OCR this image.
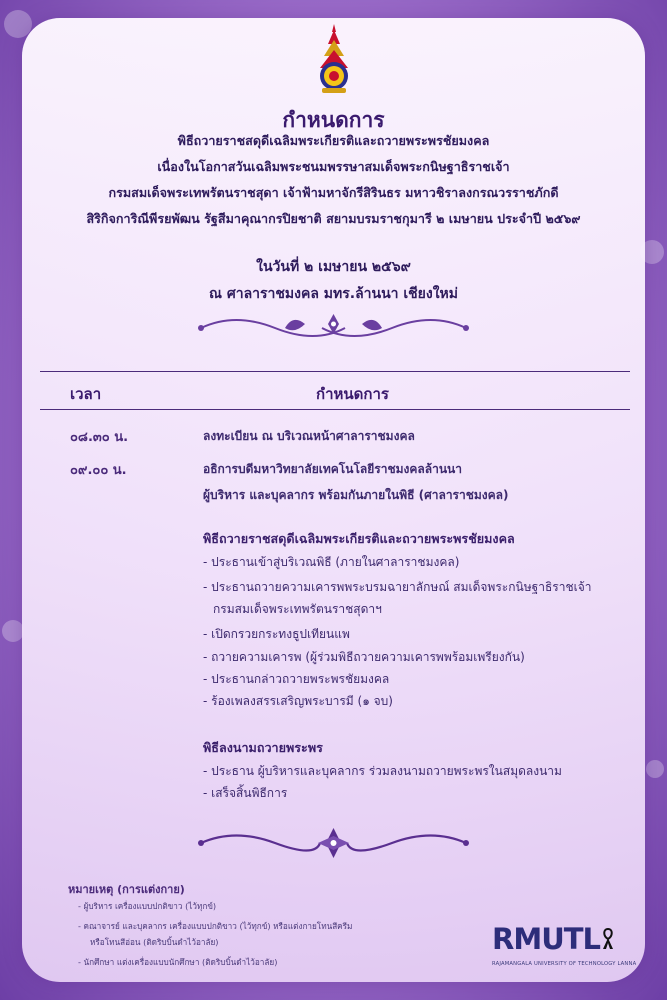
กำหนดการ
พิธีถวายราชสดุดีเฉลิมพระเกียรติและถวายพระพรชัยมงคล
เนื่องในโอกาสวันเฉลิมพระชนมพรรษาสมเด็จพระกนิษฐาธิราชเจ้า
กรมสมเด็จพระเทพรัตนราชสุดา เจ้าฟ้ามหาจักรีสิรินธร มหาวชิราลงกรณวรราชภักดี
สิริกิจการิณีพีรยพัฒน รัฐสีมาคุณากรปิยชาติ สยามบรมราชกุมารี ๒ เมษายน ประจำปี ๒๕๖๙
ในวันที่ ๒ เมษายน ๒๕๖๙
ณ ศาลาราชมงคล มทร.ล้านนา เชียงใหม่
เวลา	กำหนดการ
๐๘.๓๐ น.	ลงทะเบียน ณ บริเวณหน้าศาลาราชมงคล
๐๙.๐๐ น.	อธิการบดีมหาวิทยาลัยเทคโนโลยีราชมงคลล้านนา
ผู้บริหาร และบุคลากร พร้อมกันภายในพิธี (ศาลาราชมงคล)
พิธีถวายราชสดุดีเฉลิมพระเกียรติและถวายพระพรชัยมงคล
- ประธานเข้าสู่บริเวณพิธี (ภายในศาลาราชมงคล)
- ประธานถวายความเคารพพระบรมฉายาลักษณ์ สมเด็จพระกนิษฐาธิราชเจ้า
กรมสมเด็จพระเทพรัตนราชสุดาฯ
- เปิดกรวยกระทงธูปเทียนแพ
- ถวายความเคารพ (ผู้ร่วมพิธีถวายความเคารพพร้อมเพรียงกัน)
- ประธานกล่าวถวายพระพรชัยมงคล
- ร้องเพลงสรรเสริญพระบารมี (๑ จบ)
พิธีลงนามถวายพระพร
- ประธาน ผู้บริหารและบุคลากร ร่วมลงนามถวายพระพรในสมุดลงนาม
- เสร็จสิ้นพิธีการ
หมายเหตุ (การแต่งกาย)
- ผู้บริหาร เครื่องแบบปกติขาว (ไว้ทุกข์)
- คณาจารย์ และบุคลากร เครื่องแบบปกติขาว (ไว้ทุกข์) หรือแต่งกายโทนสีครีม
หรือโทนสีอ่อน (ติดริบบิ้นดำไว้อาลัย)
- นักศึกษา แต่งเครื่องแบบนักศึกษา (ติดริบบิ้นดำไว้อาลัย)
RMUTL
RAJAMANGALA UNIVERSITY OF TECHNOLOGY LANNA
